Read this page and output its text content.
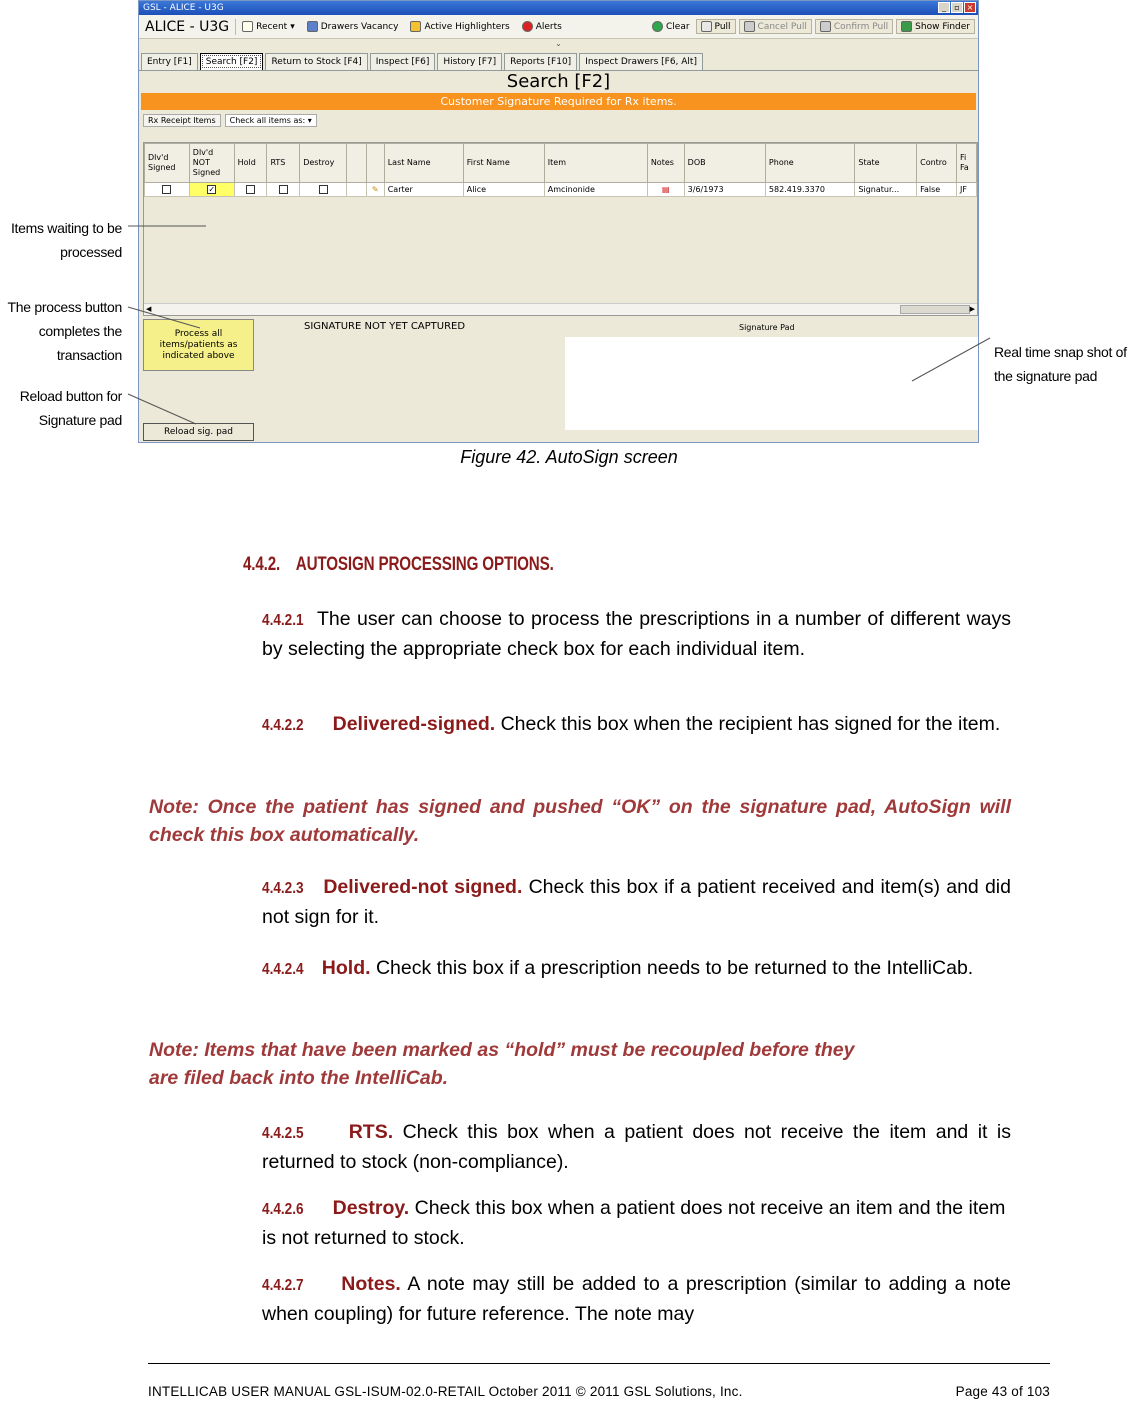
GSL - ALICE - U3G	_	▫ ×
ALICE - U3G	Recent ▾	Drawers Vacancy	Active Highlighters	Alerts	Clear	Pull	Cancel Pull	Confirm Pull	Show Finder
⌄
Entry [F1]	Search [F2]	Return to Stock [F4]	Inspect [F6]	History [F7]	Reports [F10]	Inspect Drawers [F6, Alt]
Search [F2]
Customer Signature Required for Rx items.
Rx Receipt Items	Check all items as: ▾
Dlv'd Signed	Dlv'd NOT Signed	Hold	RTS	Destroy			Last Name	First Name	Item	Notes	DOB	Phone	State	Contro	Fi Fa
	✓					✎	Carter	Alice	Amcinonide	▤	3/6/1973	582.419.3370	Signatur...	False	JF
◀	▶
Process all items/patients as indicated above
SIGNATURE NOT YET CAPTURED	Signature Pad
Reload sig. pad
Items waiting to be
processed
The process button
completes the
transaction
Reload button for
Signature pad
Real time snap shot of
the signature pad
Figure 42. AutoSign screen
4.4.2.    AUTOSIGN PROCESSING OPTIONS.
4.4.2.1 The user can choose to process the prescriptions in a number of different ways by selecting the appropriate check box for each individual item.
4.4.2.2 Delivered-signed. Check this box when the recipient has signed for the item.
Note: Once the patient has signed and pushed “OK” on the signature pad, AutoSign will check this box automatically.
4.4.2.3 Delivered-not signed. Check this box if a patient received and item(s) and did not sign for it.
4.4.2.4 Hold. Check this box if a prescription needs to be returned to the IntelliCab.
Note: Items that have been marked as “hold” must be recoupled before they
are filed back into the IntelliCab.
4.4.2.5 RTS. Check this box when a patient does not receive the item and it is returned to stock (non-compliance).
4.4.2.6 Destroy. Check this box when a patient does not receive an item and the item is not returned to stock.
4.4.2.7 Notes. A note may still be added to a prescription (similar to adding a note when coupling) for future reference. The note may
INTELLICAB USER MANUAL GSL-ISUM-02.0-RETAIL October 2011 © 2011 GSL Solutions, Inc.	Page 43 of 103
